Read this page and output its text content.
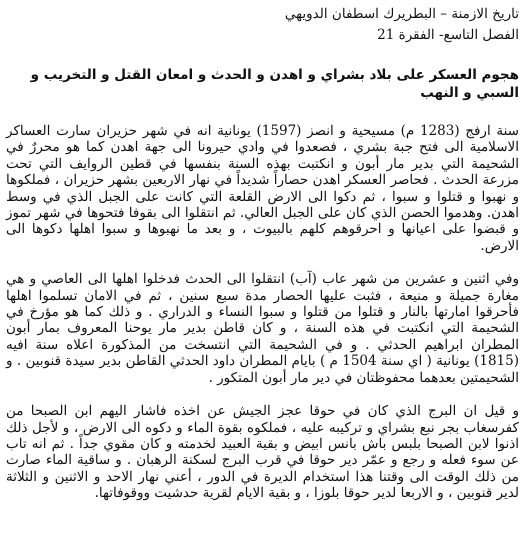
تاريخ الازمنة – البطريرك اسطفان الدويهي
الفصل التاسع- الفقرة 21
هجوم العسكر على بلاد بشراي و اهدن و الحدث و امعان القتل و التخريب و السبي و النهب

سنة ارفج (1283 م) مسيحية و انصز (1597) يونانية انه في شهر حزيران سارت العساكر الاسلامية الى فتح جبة بشري ، فصعدوا في وادي حيرونا الى جهة اهدن كما هو محررٌ في الشحيمة التي بدير مار أبون و انكتبت بهذه السنة بنفسها في قطين الروايف التي تحت مزرعة الحدث . فحاصر العسكر اهدن حصاراً شديداً في نهار الاربعين بشهر حزيران ، فملكوها و نهبوا و قتلوا و سبوا ، ثم دكوا الى الارض القلعة التي كانت على الجبل الذي في وسط اهدن. وهدموا الحصن الذي كان على الجبل العالي. ثم انتقلوا الى بقوفا فتحوها في شهر تموز و قبضوا على اعيانها و احرقوهم كلهم بالبيوت ، و بعد ما نهبوها و سبوا اهلها دكوها الى الارض.

وفي اثنين و عشرين من شهر عاب (آب) انتقلوا الى الحدث فدخلوا اهلها الى العاصي و هي مغارة جميلة و منيعة ، فثبت عليها الحصار مدة سبع سنين ، ثم في الامان تسلموا اهلها فأحرقوا امارتها بالنار و قتلوا من قتلوا و سبوا النساء و الدراري . و ذلك كما هو مؤرخ في الشحيمة التي انكتبت في هذه السنة ، و كان قاطن بدير مار يوحنا المعروف بمار أبون المطران ابراهيم الحدثي . و في الشحيمة التي انتسخت من المذكورة اعلاه سنة افيه (1815) يونانية ( اي سنة 1504 م ) بايام المطران داود الحدثي القاطن بدير سيدة قنوبين . و الشحيمتين بعدهما محفوظتان في دير مار أبون المتكور .

و قيل ان البرج الذي كان في حوقا عجز الجيش عن اخذه فاشار اليهم ابن الصبحا من كفرسغاب بجر نبع بشراي و تركيبه عليه ، فملكوه بقوة الماء و دكوه الى الارض ، و لأجل ذلك اذنوا لابن الصبحا بلبس باش بانس ابيض و بقية العبيد لخدمته و كان مقوي جداً . ثم انه تاب عن سوء فعله و رجع و عمّر دير حوقا في قرب البرج لسكنة الرهبان . و ساقية الماء صارت من ذلك الوقت الى وقتنا هذا استخدام الديرة في الدور ، أعني نهار الاحد و الاثنين و الثلاثة لدير قنوبين ، و الاربعا لدير حوقا بلوزا ، و بقية الايام لقرية حدشيت ووقوفاتها.
